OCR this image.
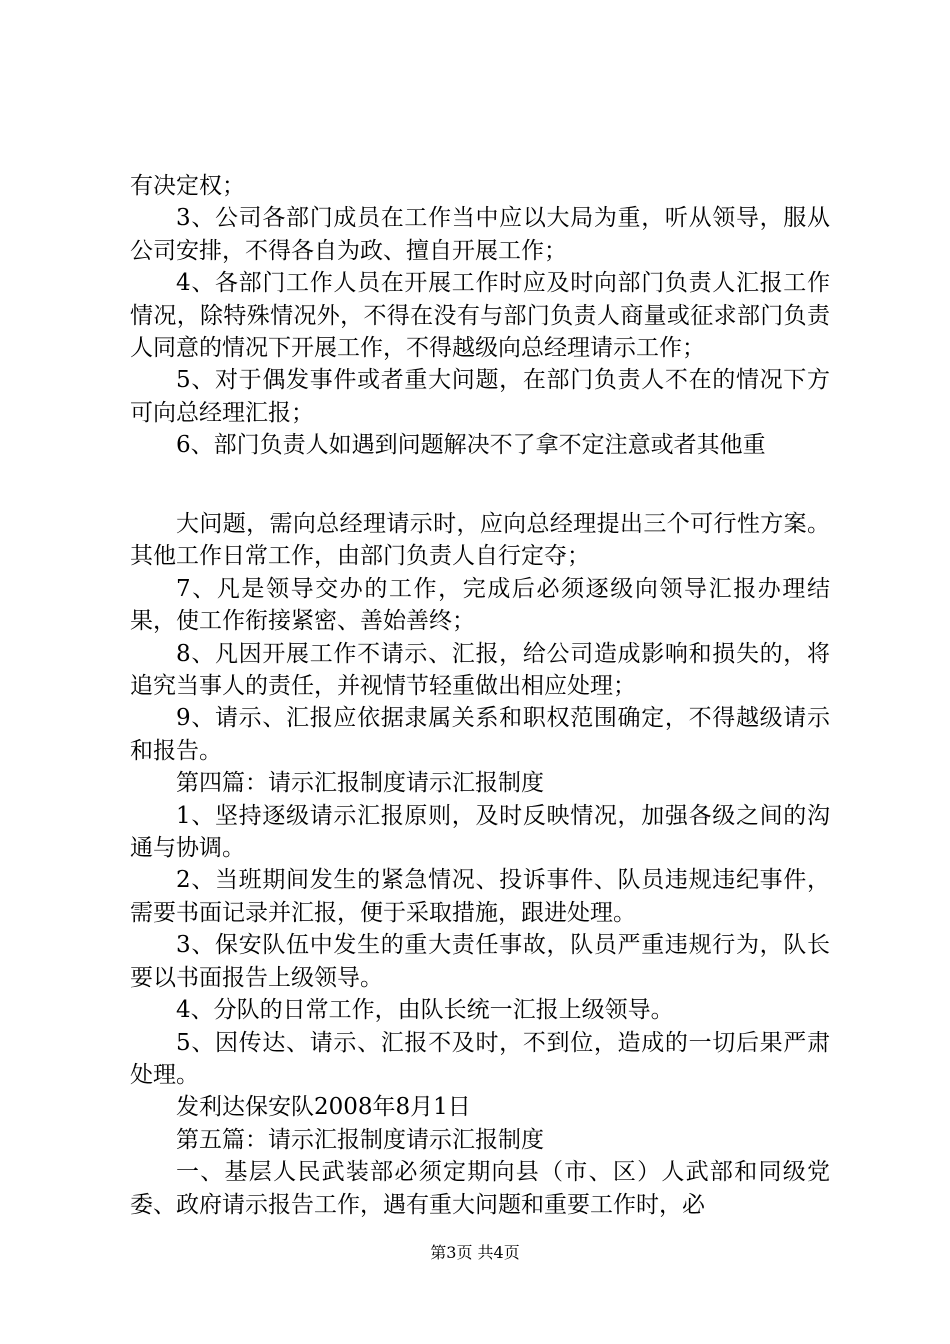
有决定权；

3、公司各部门成员在工作当中应以大局为重，听从领导，服从公司安排，不得各自为政、擅自开展工作；

4、各部门工作人员在开展工作时应及时向部门负责人汇报工作情况，除特殊情况外，不得在没有与部门负责人商量或征求部门负责人同意的情况下开展工作，不得越级向总经理请示工作；

5、对于偶发事件或者重大问题，在部门负责人不在的情况下方可向总经理汇报；

6、部门负责人如遇到问题解决不了拿不定注意或者其他重

大问题，需向总经理请示时，应向总经理提出三个可行性方案。其他工作日常工作，由部门负责人自行定夺；

7、凡是领导交办的工作，完成后必须逐级向领导汇报办理结果，使工作衔接紧密、善始善终；

8、凡因开展工作不请示、汇报，给公司造成影响和损失的，将追究当事人的责任，并视情节轻重做出相应处理；

9、请示、汇报应依据隶属关系和职权范围确定，不得越级请示和报告。

第四篇：请示汇报制度请示汇报制度

1、坚持逐级请示汇报原则，及时反映情况，加强各级之间的沟通与协调。

2、当班期间发生的紧急情况、投诉事件、队员违规违纪事件，需要书面记录并汇报，便于采取措施，跟进处理。

3、保安队伍中发生的重大责任事故，队员严重违规行为，队长要以书面报告上级领导。

4、分队的日常工作，由队长统一汇报上级领导。

5、因传达、请示、汇报不及时，不到位，造成的一切后果严肃处理。

发利达保安队2008年8月1日

第五篇：请示汇报制度请示汇报制度

一、基层人民武装部必须定期向县（市、区）人武部和同级党委、政府请示报告工作，遇有重大问题和重要工作时，必

第3页 共4页
